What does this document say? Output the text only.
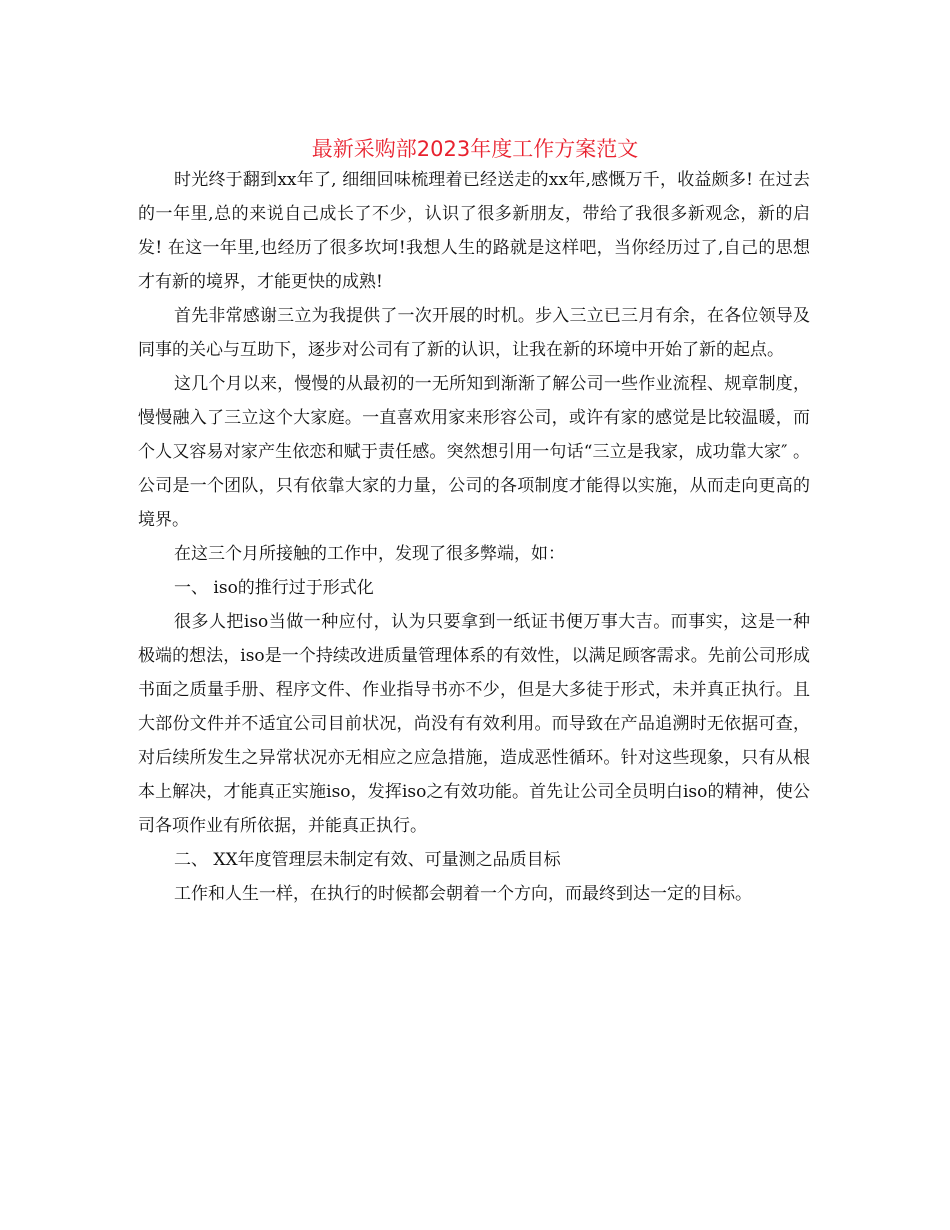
最新采购部2023年度工作方案范文

时光终于翻到xx年了, 细细回味梳理着已经送走的xx年,感慨万千，收益颇多! 在过去的一年里,总的来说自己成长了不少，认识了很多新朋友，带给了我很多新观念，新的启发! 在这一年里,也经历了很多坎坷!我想人生的路就是这样吧，当你经历过了,自己的思想才有新的境界，才能更快的成熟!

首先非常感谢三立为我提供了一次开展的时机。步入三立已三月有余，在各位领导及同事的关心与互助下，逐步对公司有了新的认识，让我在新的环境中开始了新的起点。

这几个月以来，慢慢的从最初的一无所知到渐渐了解公司一些作业流程、规章制度，慢慢融入了三立这个大家庭。一直喜欢用家来形容公司，或许有家的感觉是比较温暖，而个人又容易对家产生依恋和赋于责任感。突然想引用一句话“三立是我家，成功靠大家″ 。公司是一个团队，只有依靠大家的力量，公司的各项制度才能得以实施，从而走向更高的境界。

在这三个月所接触的工作中，发现了很多弊端，如：

一、 iso的推行过于形式化

很多人把iso当做一种应付，认为只要拿到一纸证书便万事大吉。而事实，这是一种极端的想法，iso是一个持续改进质量管理体系的有效性，以满足顾客需求。先前公司形成书面之质量手册、程序文件、作业指导书亦不少，但是大多徒于形式，未并真正执行。且大部份文件并不适宜公司目前状况，尚没有有效利用。而导致在产品追溯时无依据可查，对后续所发生之异常状况亦无相应之应急措施，造成恶性循环。针对这些现象，只有从根本上解决，才能真正实施iso，发挥iso之有效功能。首先让公司全员明白iso的精神，使公司各项作业有所依据，并能真正执行。

二、 XX年度管理层未制定有效、可量测之品质目标

工作和人生一样，在执行的时候都会朝着一个方向，而最终到达一定的目标。
